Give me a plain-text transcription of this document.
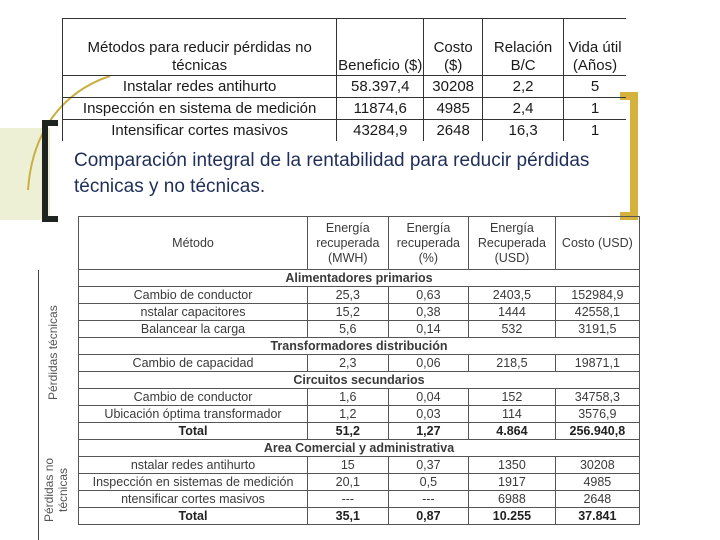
Métodos para reducir pérdidas no técnicas	Beneficio ($)	Costo ($)	Relación B/C	Vida útil (Años)
Instalar redes antihurto	58.397,4	30208	2,2	5
Inspección en sistema de medición	11874,6	4985	2,4	1
Intensificar cortes masivos	43284,9	2648	16,3	1
Comparación integral de la rentabilidad para reducir pérdidas técnicas y no técnicas.
Pérdidas técnicas
Pérdidas no técnicas
Método	Energía recuperada (MWH)	Energía recuperada (%)	Energía Recuperada (USD)	Costo (USD)
Alimentadores primarios				
Cambio de conductor	25,3	0,63	2403,5	152984,9
nstalar capacitores	15,2	0,38	1444	42558,1
Balancear la carga	5,6	0,14	532	3191,5
Transformadores distribución				
Cambio de capacidad	2,3	0,06	218,5	19871,1
Circuitos secundarios				
Cambio de conductor	1,6	0,04	152	34758,3
Ubicación óptima transformador	1,2	0,03	114	3576,9
Total	51,2	1,27	4.864	256.940,8
Area Comercial y administrativa				
nstalar redes antihurto	15	0,37	1350	30208
Inspección en sistemas de medición	20,1	0,5	1917	4985
ntensificar cortes masivos	---	---	6988	2648
Total	35,1	0,87	10.255	37.841
